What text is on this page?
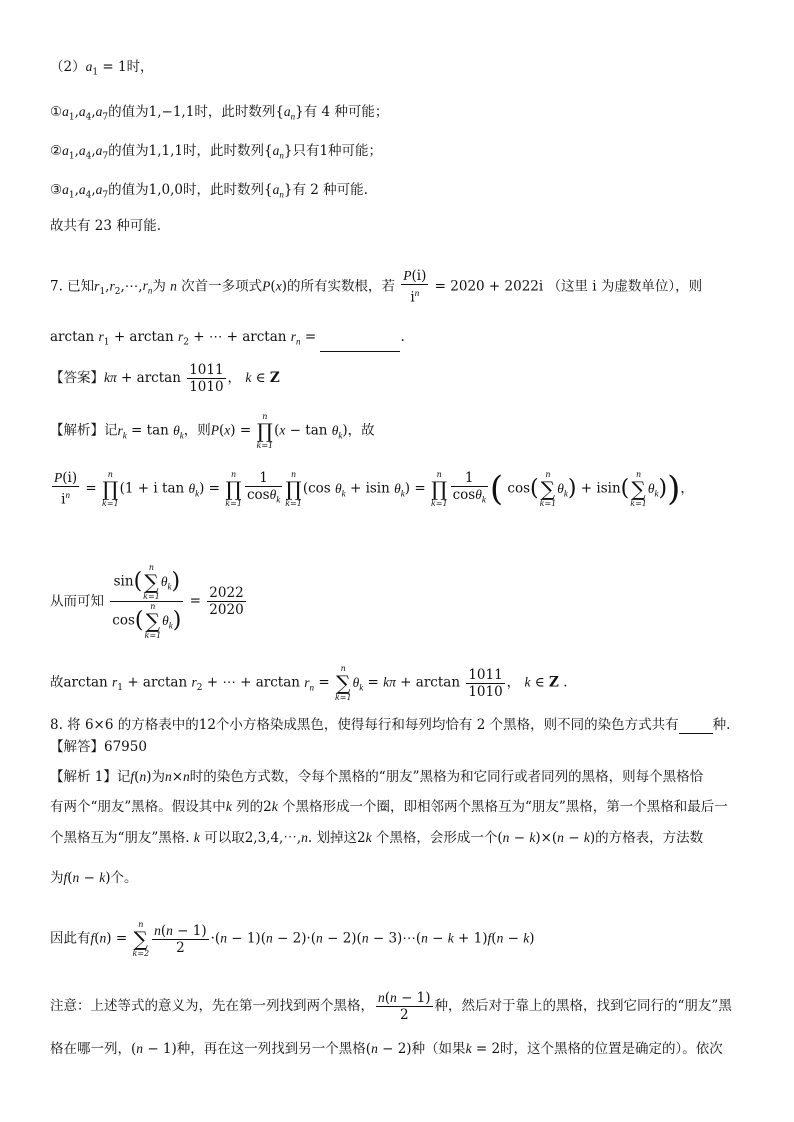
$(2)a_1 = 1$时，
$①a_1,a_4,a_7$的值为1,−1,1时，此时数列$\{a_n\}$有 4 种可能；
$②a_1,a_4,a_7$的值为1,1,1时，此时数列$\{a_n\}$只有1种可能；
$③a_1,a_4,a_7$的值为1,0,0时，此时数列$\{a_n\}$有 2 种可能.
故共有 23 种可能.
7. 已知$r_1,r_2,\cdots,r_n$为 n 次首一多项式P(x)的所有实数根，若 $\frac{P(i)}{i^n} = 2020 + 2022i$ （这里 i 为虚数单位），则
$\arctan r_1 + \arctan r_2$ + ⋯ + $\arctan r_n$ =	.
【答案】$k\pi + \arctan \frac{1011}{1010}$ ， k ∈ Z
【解析】记$r_k = \tan \theta_k$，则P(x) =
n
∏
k=1
$(x - \tan \theta_k)$，故
$\frac{P(i)}{i^n}$ =
n
∏
k=1
(1 + i $\tan \theta_k$) =
n
∏
$k=1 \frac{1}{\cos\theta_k}$	n
∏
k=1
(cos $\theta_k + isin$ $\theta_k$) =
n
∏
$k=1 \frac{1}{\cos\theta_k}$ ( cos(
n
∑
k=1
$\theta_k) + isin$(
n
∑
k=1
$\theta_k$))，
从而可知 sin(
n
∑
k=1
$\theta_k$)
cos(
n
∑
k=1
$\theta_k) = \frac{2022}{2020}$
故$\arctan r_1 + \arctan r_2$ + ⋯ + $\arctan r_n$ =
n
∑
k=1
$\theta_k = k\pi + \arctan \frac{1011}{1010}$ ， k ∈ Z .
8. 将 6×6 的方格表中的12个小方格染成黑色，使得每行和每列均恰有 2 个黑格，则不同的染色方式共有	种.
【解答】67950
【解析 1】记f(n)为n×n时的染色方式数，令每个黑格的“朋友”黑格为和它同行或者同列的黑格，则每个黑格恰
有两个“朋友”黑格。假设其中k 列的2k 个黑格形成一个圈，即相邻两个黑格互为“朋友”黑格，第一个黑格和最后一
个黑格互为“朋友”黑格. k 可以取2,3,4,⋯,n. 划掉这2k 个黑格，会形成一个(n − k)×(n − k)的方格表，方法数
为f(n − k)个。
因此有f(n) =
n
∑
$k=2 \frac{n(n - 1)}{2} \cdot(n - 1)(n - 2)\cdot(n - 2)(n$ − 3)⋯(n − k + 1)f(n − k)
注意：上述等式的意义为，先在第一列找到两个黑格， $\frac{n(n - 1)}{2}$ 种，然后对于靠上的黑格，找到它同行的“朋友”黑
格在哪一列，(n − 1)种，再在这一列找到另一个黑格(n − 2)种（如果k = 2时，这个黑格的位置是确定的）。依次
